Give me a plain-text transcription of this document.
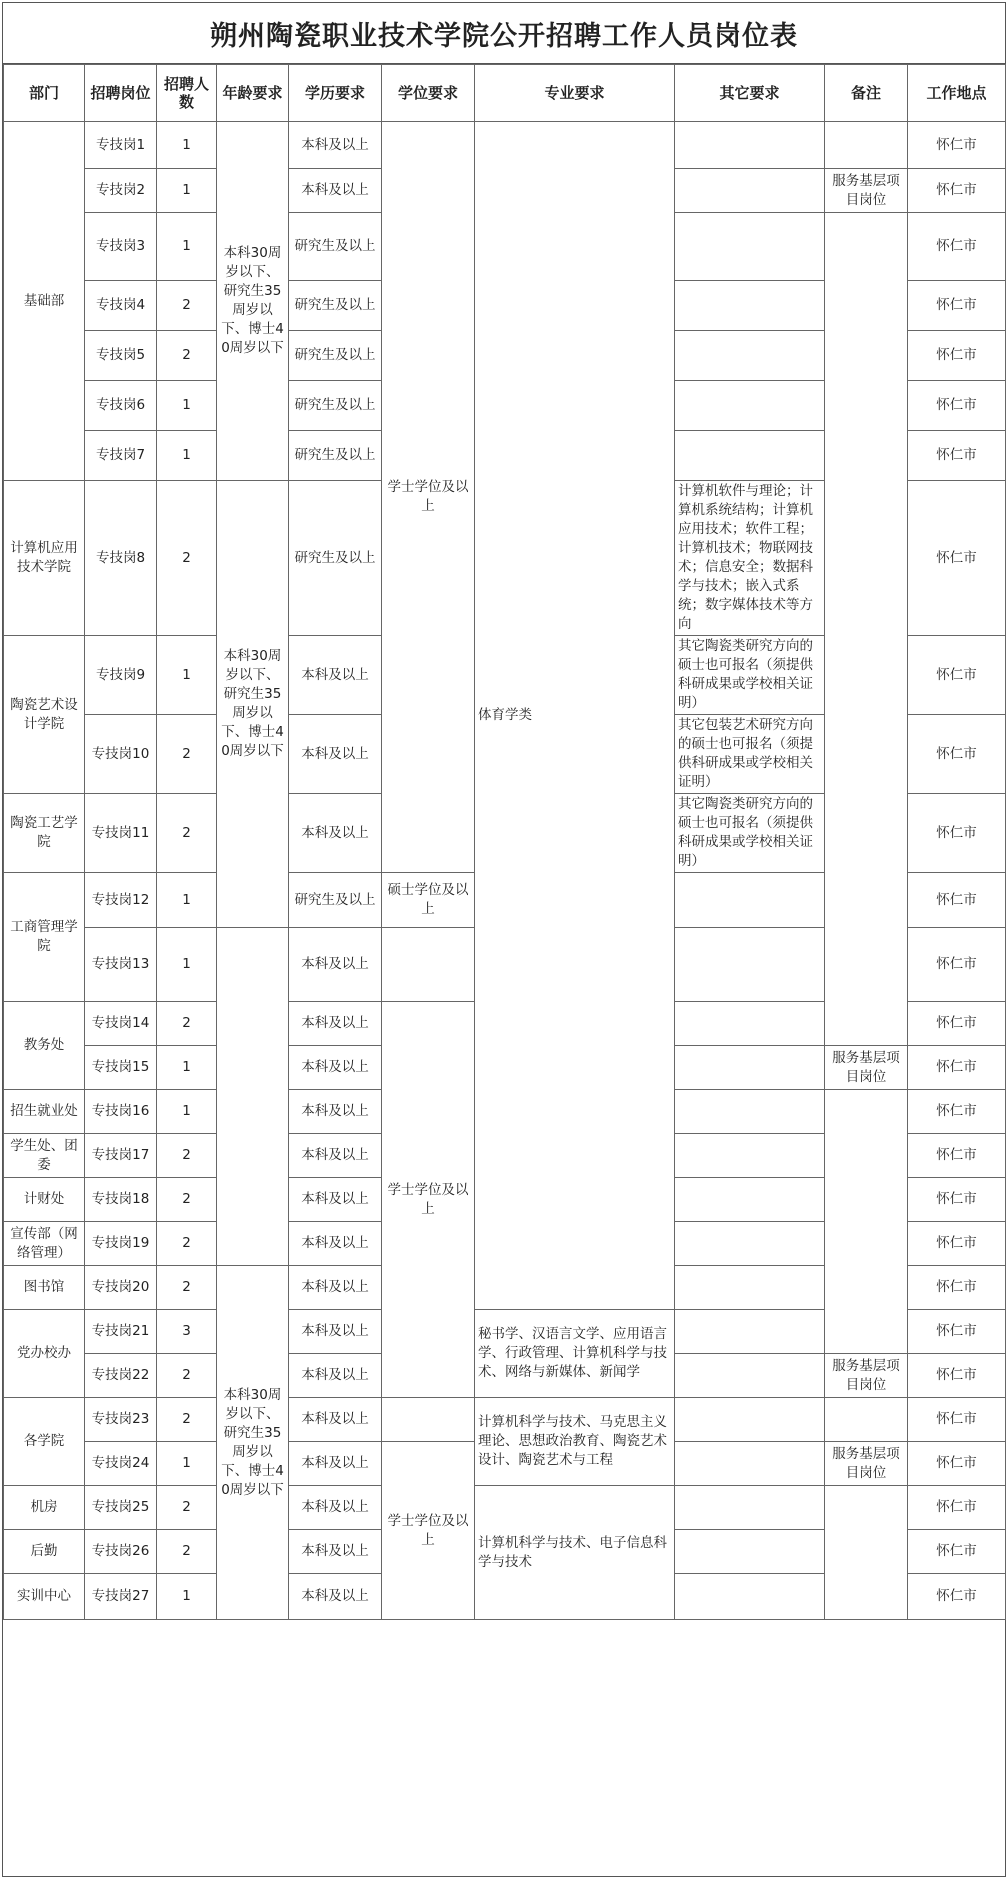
朔州陶瓷职业技术学院公开招聘工作人员岗位表
部门	招聘岗位	招聘人数	年龄要求	学历要求	学位要求	专业要求	其它要求	备注	工作地点
基础部	专技岗1	1	本科30周岁以下、研究生35周岁以下、博士40周岁以下	本科及以上	学士学位及以上	体育学类			怀仁市
	专技岗2	1		本科及以上				服务基层项目岗位	怀仁市
	专技岗3	1		研究生及以上					怀仁市
	专技岗4	2		研究生及以上					怀仁市
	专技岗5	2		研究生及以上					怀仁市
	专技岗6	1		研究生及以上					怀仁市
	专技岗7	1		研究生及以上					怀仁市
计算机应用技术学院	专技岗8	2	本科30周岁以下、研究生35周岁以下、博士40周岁以下	研究生及以上			计算机软件与理论；计算机系统结构；计算机应用技术；软件工程；计算机技术；物联网技术；信息安全；数据科学与技术；嵌入式系统；数字媒体技术等方向		怀仁市
陶瓷艺术设计学院	专技岗9	1		本科及以上			其它陶瓷类研究方向的硕士也可报名（须提供科研成果或学校相关证明）		怀仁市
	专技岗10	2		本科及以上			其它包装艺术研究方向的硕士也可报名（须提供科研成果或学校相关证明）		怀仁市
陶瓷工艺学院	专技岗11	2		本科及以上			其它陶瓷类研究方向的硕士也可报名（须提供科研成果或学校相关证明）		怀仁市
工商管理学院	专技岗12	1		研究生及以上	硕士学位及以上				怀仁市
	专技岗13	1		本科及以上					怀仁市
教务处	专技岗14	2		本科及以上	学士学位及以上				怀仁市
	专技岗15	1		本科及以上				服务基层项目岗位	怀仁市
招生就业处	专技岗16	1		本科及以上					怀仁市
学生处、团委	专技岗17	2		本科及以上					怀仁市
计财处	专技岗18	2		本科及以上					怀仁市
宣传部（网络管理）	专技岗19	2		本科及以上					怀仁市
图书馆	专技岗20	2	本科30周岁以下、研究生35周岁以下、博士40周岁以下	本科及以上					怀仁市
党办校办	专技岗21	3		本科及以上		秘书学、汉语言文学、应用语言学、行政管理、计算机科学与技术、网络与新媒体、新闻学			怀仁市
	专技岗22	2		本科及以上				服务基层项目岗位	怀仁市
各学院	专技岗23	2		本科及以上		计算机科学与技术、马克思主义理论、思想政治教育、陶瓷艺术设计、陶瓷艺术与工程			怀仁市
	专技岗24	1		本科及以上	学士学位及以上			服务基层项目岗位	怀仁市
机房	专技岗25	2		本科及以上		计算机科学与技术、电子信息科学与技术			怀仁市
后勤	专技岗26	2		本科及以上					怀仁市
实训中心	专技岗27	1		本科及以上					怀仁市
